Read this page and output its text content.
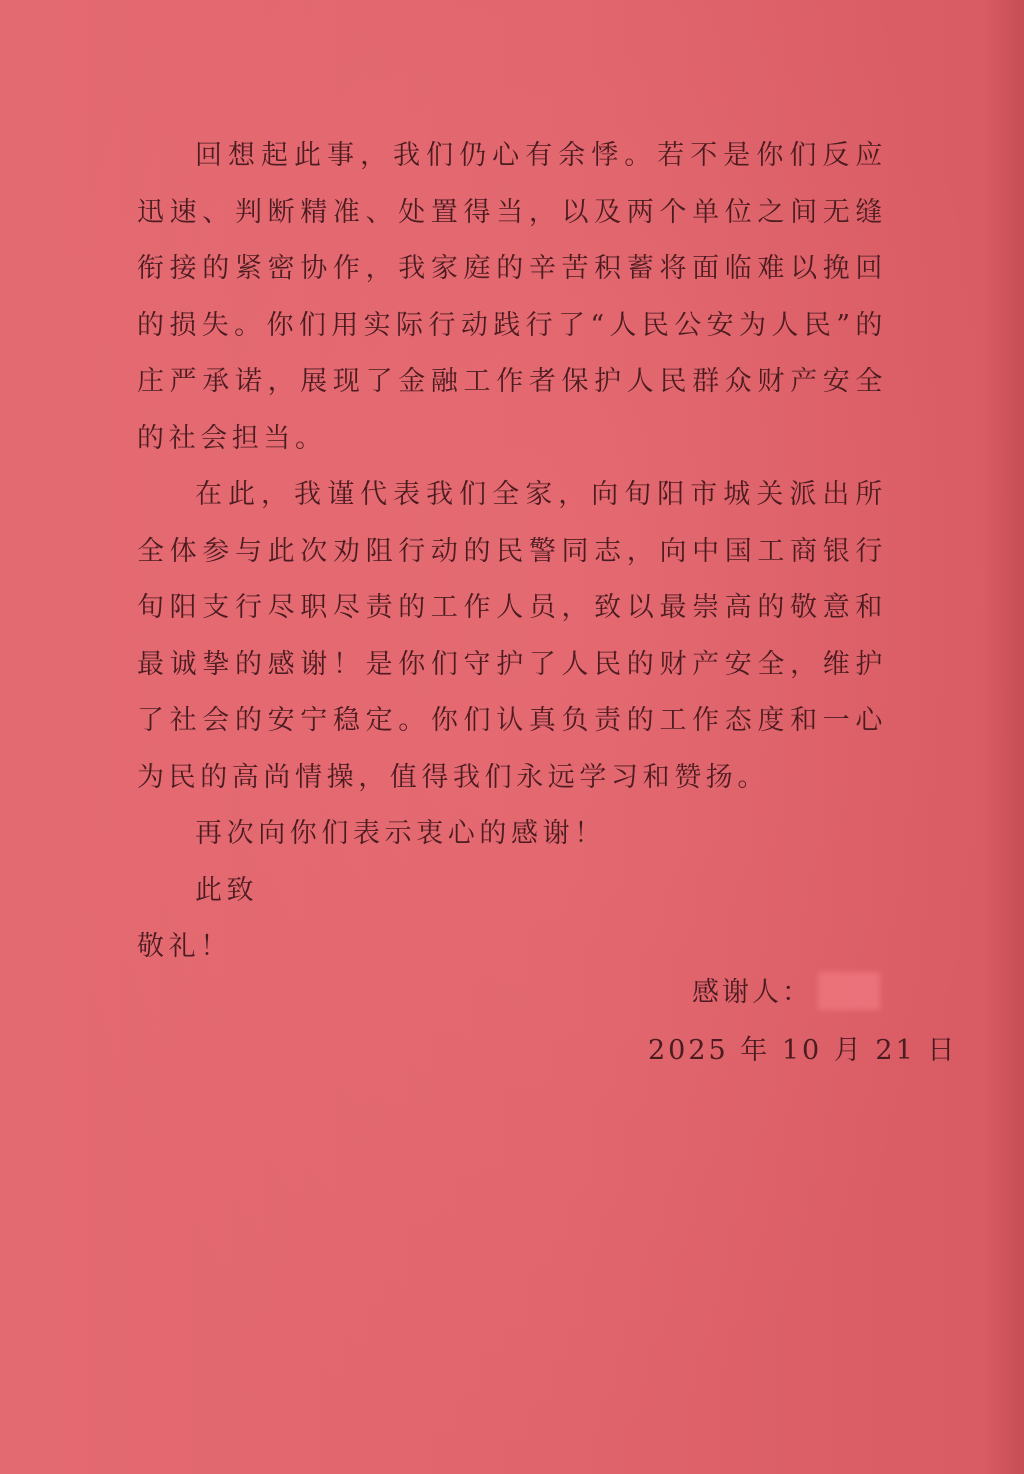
回想起此事，我们仍心有余悸。若不是你们反应迅速、判断精准、处置得当，以及两个单位之间无缝衔接的紧密协作，我家庭的辛苦积蓄将面临难以挽回的损失。你们用实际行动践行了“人民公安为人民”的庄严承诺，展现了金融工作者保护人民群众财产安全的社会担当。

在此，我谨代表我们全家，向旬阳市城关派出所全体参与此次劝阻行动的民警同志，向中国工商银行旬阳支行尽职尽责的工作人员，致以最崇高的敬意和最诚挚的感谢！是你们守护了人民的财产安全，维护了社会的安宁稳定。你们认真负责的工作态度和一心为民的高尚情操，值得我们永远学习和赞扬。

再次向你们表示衷心的感谢！

此致

敬礼！

感谢人：
2025 年 10 月 21 日
